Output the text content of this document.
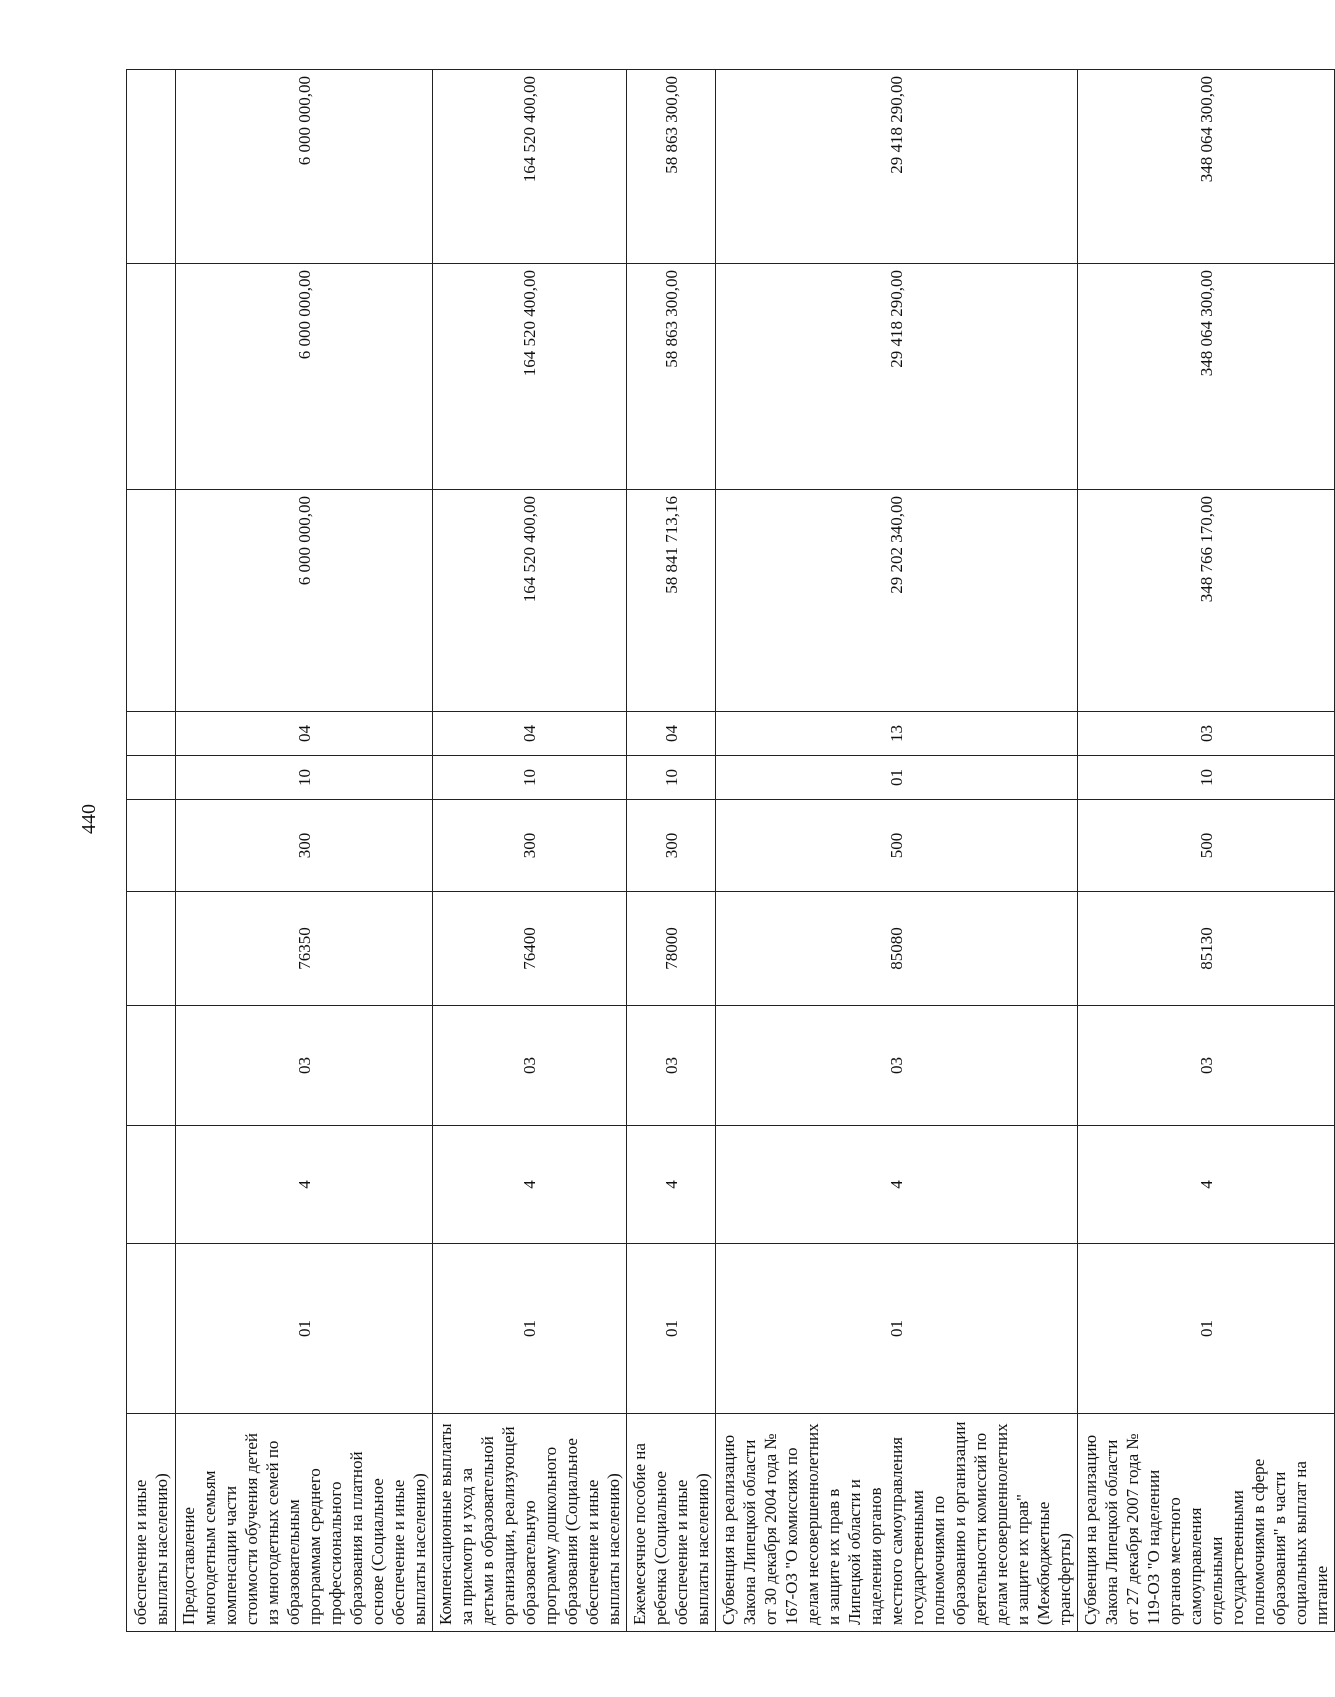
440
обеспечение и иные выплаты населению)										
Предоставление многодетным семьям компенсации части стоимости обучения детей из многодетных семей по образовательным программам среднего профессионального образования на платной основе (Социальное обеспечение и иные выплаты населению)	01	4	03	76350	300	10	04	6 000 000,00	6 000 000,00	6 000 000,00
Компенсационные выплаты за присмотр и уход за детьми в образовательной организации, реализующей образовательную программу дошкольного образования (Социальное обеспечение и иные выплаты населению)	01	4	03	76400	300	10	04	164 520 400,00	164 520 400,00	164 520 400,00
Ежемесячное пособие на ребенка (Социальное обеспечение и иные выплаты населению)	01	4	03	78000	300	10	04	58 841 713,16	58 863 300,00	58 863 300,00
Субвенция на реализацию Закона Липецкой области от 30 декабря 2004 года № 167-ОЗ "О комиссиях по делам несовершеннолетних и защите их прав в Липецкой области и наделении органов местного самоуправления государственными полномочиями по образованию и организации деятельности комиссий по делам несовершеннолетних и защите их прав" (Межбюджетные трансферты)	01	4	03	85080	500	01	13	29 202 340,00	29 418 290,00	29 418 290,00
Субвенция на реализацию Закона Липецкой области от 27 декабря 2007 года № 119-ОЗ "О наделении органов местного самоуправления отдельными государственными полномочиями в сфере образования" в части социальных выплат на питание	01	4	03	85130	500	10	03	348 766 170,00	348 064 300,00	348 064 300,00
